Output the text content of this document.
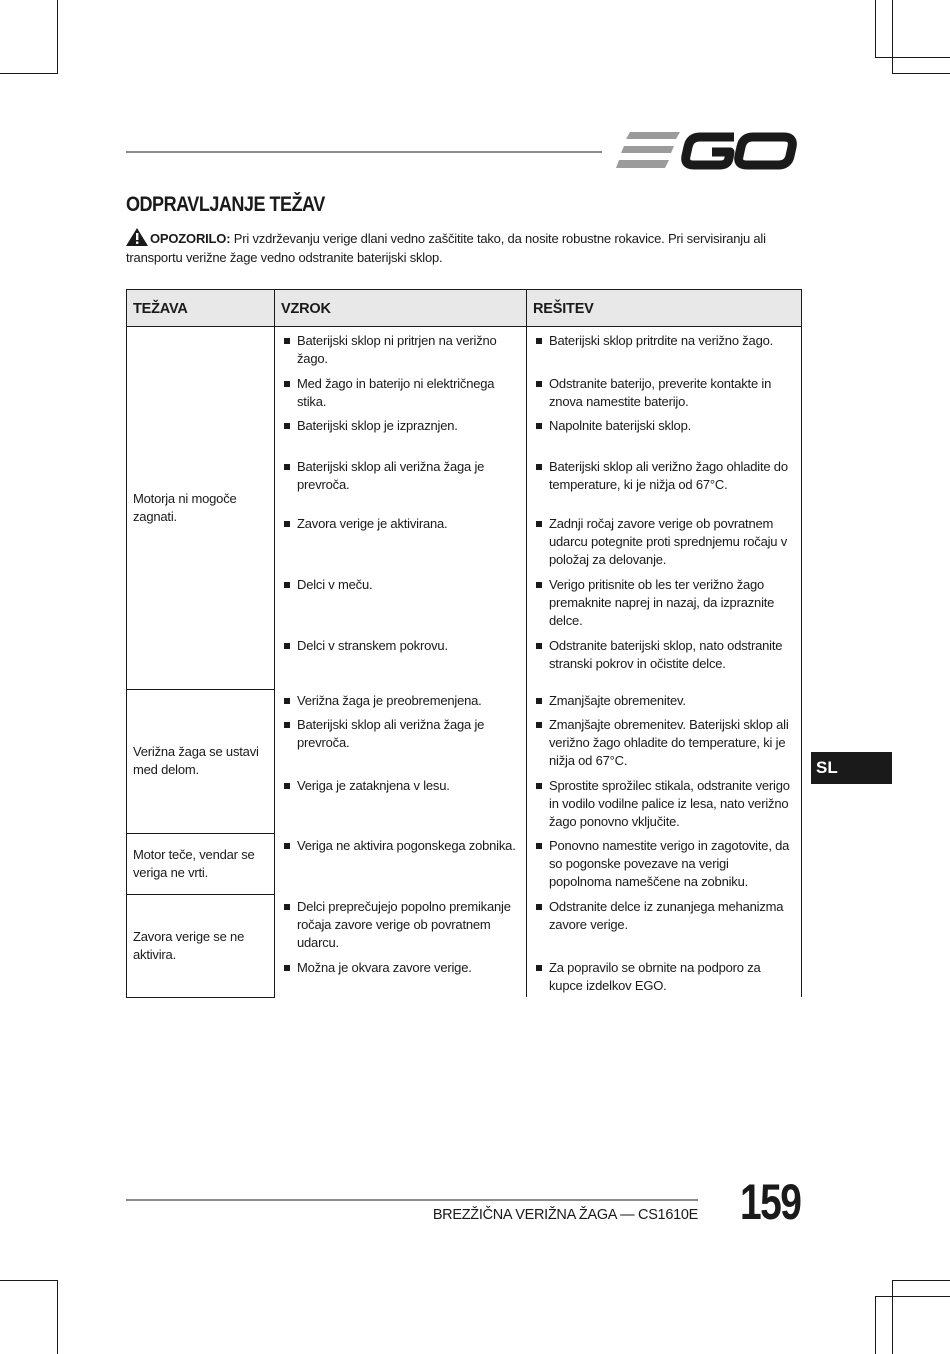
ODPRAVLJANJE TEŽAV
OPOZORILO: Pri vzdrževanju verige dlani vedno zaščitite tako, da nosite robustne rokavice. Pri servisiranju ali transportu verižne žage vedno odstranite baterijski sklop.
TEŽAVA	VZROK	REŠITEV
Motorja ni mogoče zagnati.	Baterijski sklop ni pritrjen na verižno žago.	Baterijski sklop pritrdite na verižno žago.

	Med žago in baterijo ni električnega stika.	Odstranite baterijo, preverite kontakte in znova namestite baterijo.

	Baterijski sklop je izpraznjen.	Napolnite baterijski sklop.

	Baterijski sklop ali verižna žaga je prevroča.	Baterijski sklop ali verižno žago ohladite do temperature, ki je nižja od 67°C.

	Zavora verige je aktivirana.	Zadnji ročaj zavore verige ob povratnem udarcu potegnite proti sprednjemu ročaju v položaj za delovanje.

	Delci v meču.	Verigo pritisnite ob les ter verižno žago premaknite naprej in nazaj, da izpraznite delce.

	Delci v stranskem pokrovu.	Odstranite baterijski sklop, nato odstranite stranski pokrov in očistite delce.

Verižna žaga se ustavi med delom.	Verižna žaga je preobremenjena.	Zmanjšajte obremenitev.

	Baterijski sklop ali verižna žaga je prevroča.	Zmanjšajte obremenitev. Baterijski sklop ali verižno žago ohladite do temperature, ki je nižja od 67°C.

	Veriga je zataknjena v lesu.	Sprostite sprožilec stikala, odstranite verigo in vodilo vodilne palice iz lesa, nato verižno žago ponovno vključite.

Motor teče, vendar se veriga ne vrti.	Veriga ne aktivira pogonskega zobnika.	Ponovno namestite verigo in zagotovite, da so pogonske povezave na verigi popolnoma nameščene na zobniku.

Zavora verige se ne aktivira.	Delci preprečujejo popolno premikanje ročaja zavore verige ob povratnem udarcu.	Odstranite delce iz zunanjega mehanizma zavore verige.

	Možna je okvara zavore verige.	Za popravilo se obrnite na podporo za kupce izdelkov EGO.
SL
BREZŽIČNA VERIŽNA ŽAGA — CS1610E 159
